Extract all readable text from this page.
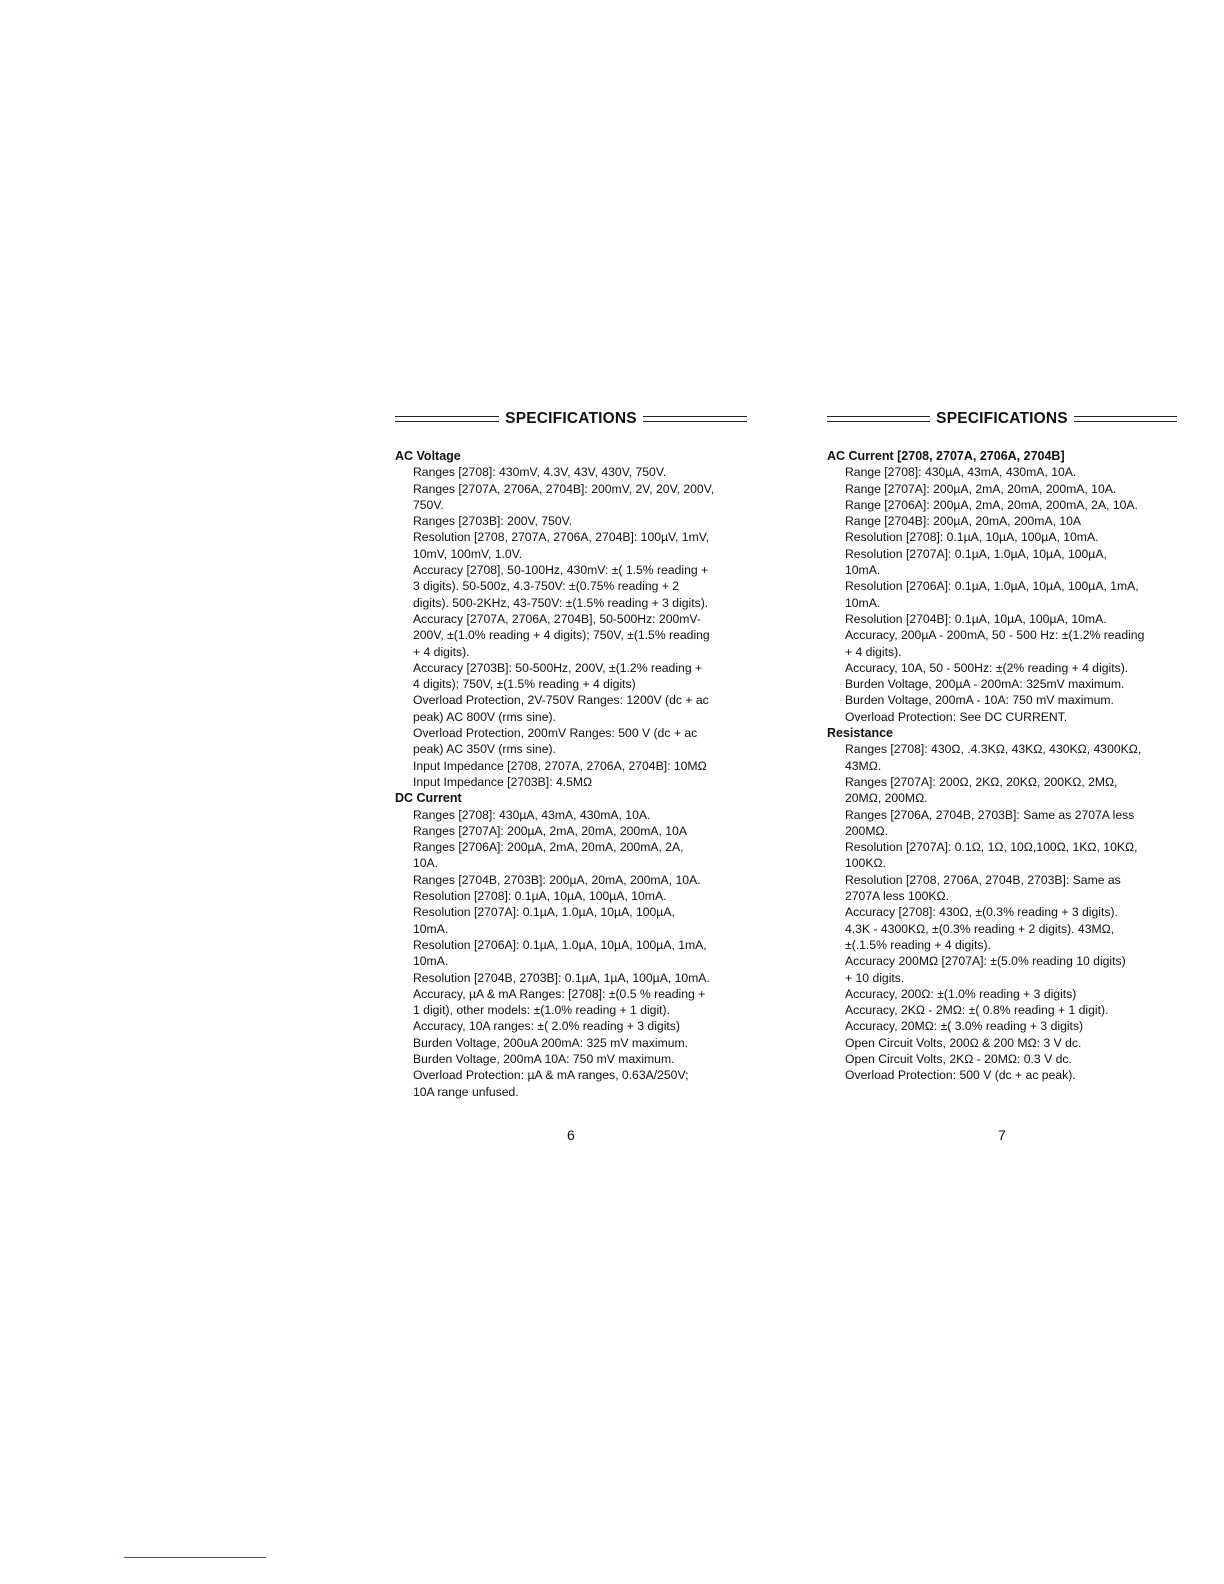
SPECIFICATIONS
AC Voltage
Ranges [2708]: 430mV, 4.3V, 43V, 430V, 750V.
Ranges [2707A, 2706A, 2704B]: 200mV, 2V, 20V, 200V,
750V.
Ranges [2703B]: 200V, 750V.
Resolution [2708, 2707A, 2706A, 2704B]: 100µV, 1mV,
10mV, 100mV, 1.0V.
Accuracy [2708], 50-100Hz, 430mV: ±( 1.5% reading +
3 digits). 50-500z, 4.3-750V: ±(0.75% reading + 2
digits). 500-2KHz, 43-750V: ±(1.5% reading + 3 digits).
Accuracy [2707A, 2706A, 2704B], 50-500Hz: 200mV-
200V, ±(1.0% reading + 4 digits); 750V, ±(1.5% reading
+ 4 digits).
Accuracy [2703B]: 50-500Hz, 200V, ±(1.2% reading +
4 digits); 750V, ±(1.5% reading + 4 digits)
Overload Protection, 2V-750V Ranges: 1200V (dc + ac
peak) AC 800V (rms sine).
Overload Protection, 200mV Ranges: 500 V (dc + ac
peak) AC 350V (rms sine).
Input Impedance [2708, 2707A, 2706A, 2704B]: 10MΩ
Input Impedance [2703B]: 4.5MΩ
DC Current
Ranges [2708]: 430µA, 43mA, 430mA, 10A.
Ranges [2707A]: 200µA, 2mA, 20mA, 200mA, 10A
Ranges [2706A]: 200µA, 2mA, 20mA, 200mA, 2A,
10A.
Ranges [2704B, 2703B]: 200µA, 20mA, 200mA, 10A.
Resolution [2708]: 0.1µA, 10µA, 100µA, 10mA.
Resolution [2707A]: 0.1µA, 1.0µA, 10µA, 100µA,
10mA.
Resolution [2706A]: 0.1µA, 1.0µA, 10µA, 100µA, 1mA,
10mA.
Resolution [2704B, 2703B]: 0.1µA, 1µA, 100µA, 10mA.
Accuracy, µA & mA Ranges: [2708]: ±(0.5 % reading +
1 digit), other models: ±(1.0% reading + 1 digit).
Accuracy, 10A ranges: ±( 2.0% reading + 3 digits)
Burden Voltage, 200uA 200mA: 325 mV maximum.
Burden Voltage, 200mA 10A: 750 mV maximum.
Overload Protection: µA & mA ranges, 0.63A/250V;
10A range unfused.
SPECIFICATIONS
AC Current [2708, 2707A, 2706A, 2704B]
Range [2708]: 430µA, 43mA, 430mA, 10A.
Range [2707A]: 200µA, 2mA, 20mA, 200mA, 10A.
Range [2706A]: 200µA, 2mA, 20mA, 200mA, 2A, 10A.
Range [2704B]: 200µA, 20mA, 200mA, 10A
Resolution [2708]: 0.1µA, 10µA, 100µA, 10mA.
Resolution [2707A]: 0.1µA, 1.0µA, 10µA, 100µA,
10mA.
Resolution [2706A]: 0.1µA, 1.0µA, 10µA, 100µA, 1mA,
10mA.
Resolution [2704B]: 0.1µA, 10µA, 100µA, 10mA.
Accuracy, 200µA - 200mA, 50 - 500 Hz: ±(1.2% reading
+ 4 digits).
Accuracy, 10A, 50 - 500Hz: ±(2% reading + 4 digits).
Burden Voltage, 200µA - 200mA: 325mV maximum.
Burden Voltage, 200mA - 10A: 750 mV maximum.
Overload Protection: See DC CURRENT.
Resistance
Ranges [2708]: 430Ω, .4.3KΩ, 43KΩ, 430KΩ, 4300KΩ,
43MΩ.
Ranges [2707A]: 200Ω, 2KΩ, 20KΩ, 200KΩ, 2MΩ,
20MΩ, 200MΩ.
Ranges [2706A, 2704B, 2703B]: Same as 2707A less
200MΩ.
Resolution [2707A]: 0.1Ω, 1Ω, 10Ω,100Ω, 1KΩ, 10KΩ,
100KΩ.
Resolution [2708, 2706A, 2704B, 2703B]: Same as
2707A less 100KΩ.
Accuracy [2708]: 430Ω, ±(0.3% reading + 3 digits).
4.3K - 4300KΩ, ±(0.3% reading + 2 digits). 43MΩ,
±(.1.5% reading + 4 digits).
Accuracy 200MΩ [2707A]: ±(5.0% reading 10 digits)
+ 10 digits.
Accuracy, 200Ω: ±(1.0% reading + 3 digits)
Accuracy, 2KΩ - 2MΩ: ±( 0.8% reading + 1 digit).
Accuracy, 20MΩ: ±( 3.0% reading + 3 digits)
Open Circuit Volts, 200Ω & 200 MΩ: 3 V dc.
Open Circuit Volts, 2KΩ - 20MΩ: 0.3 V dc.
Overload Protection: 500 V (dc + ac peak).
6	7
